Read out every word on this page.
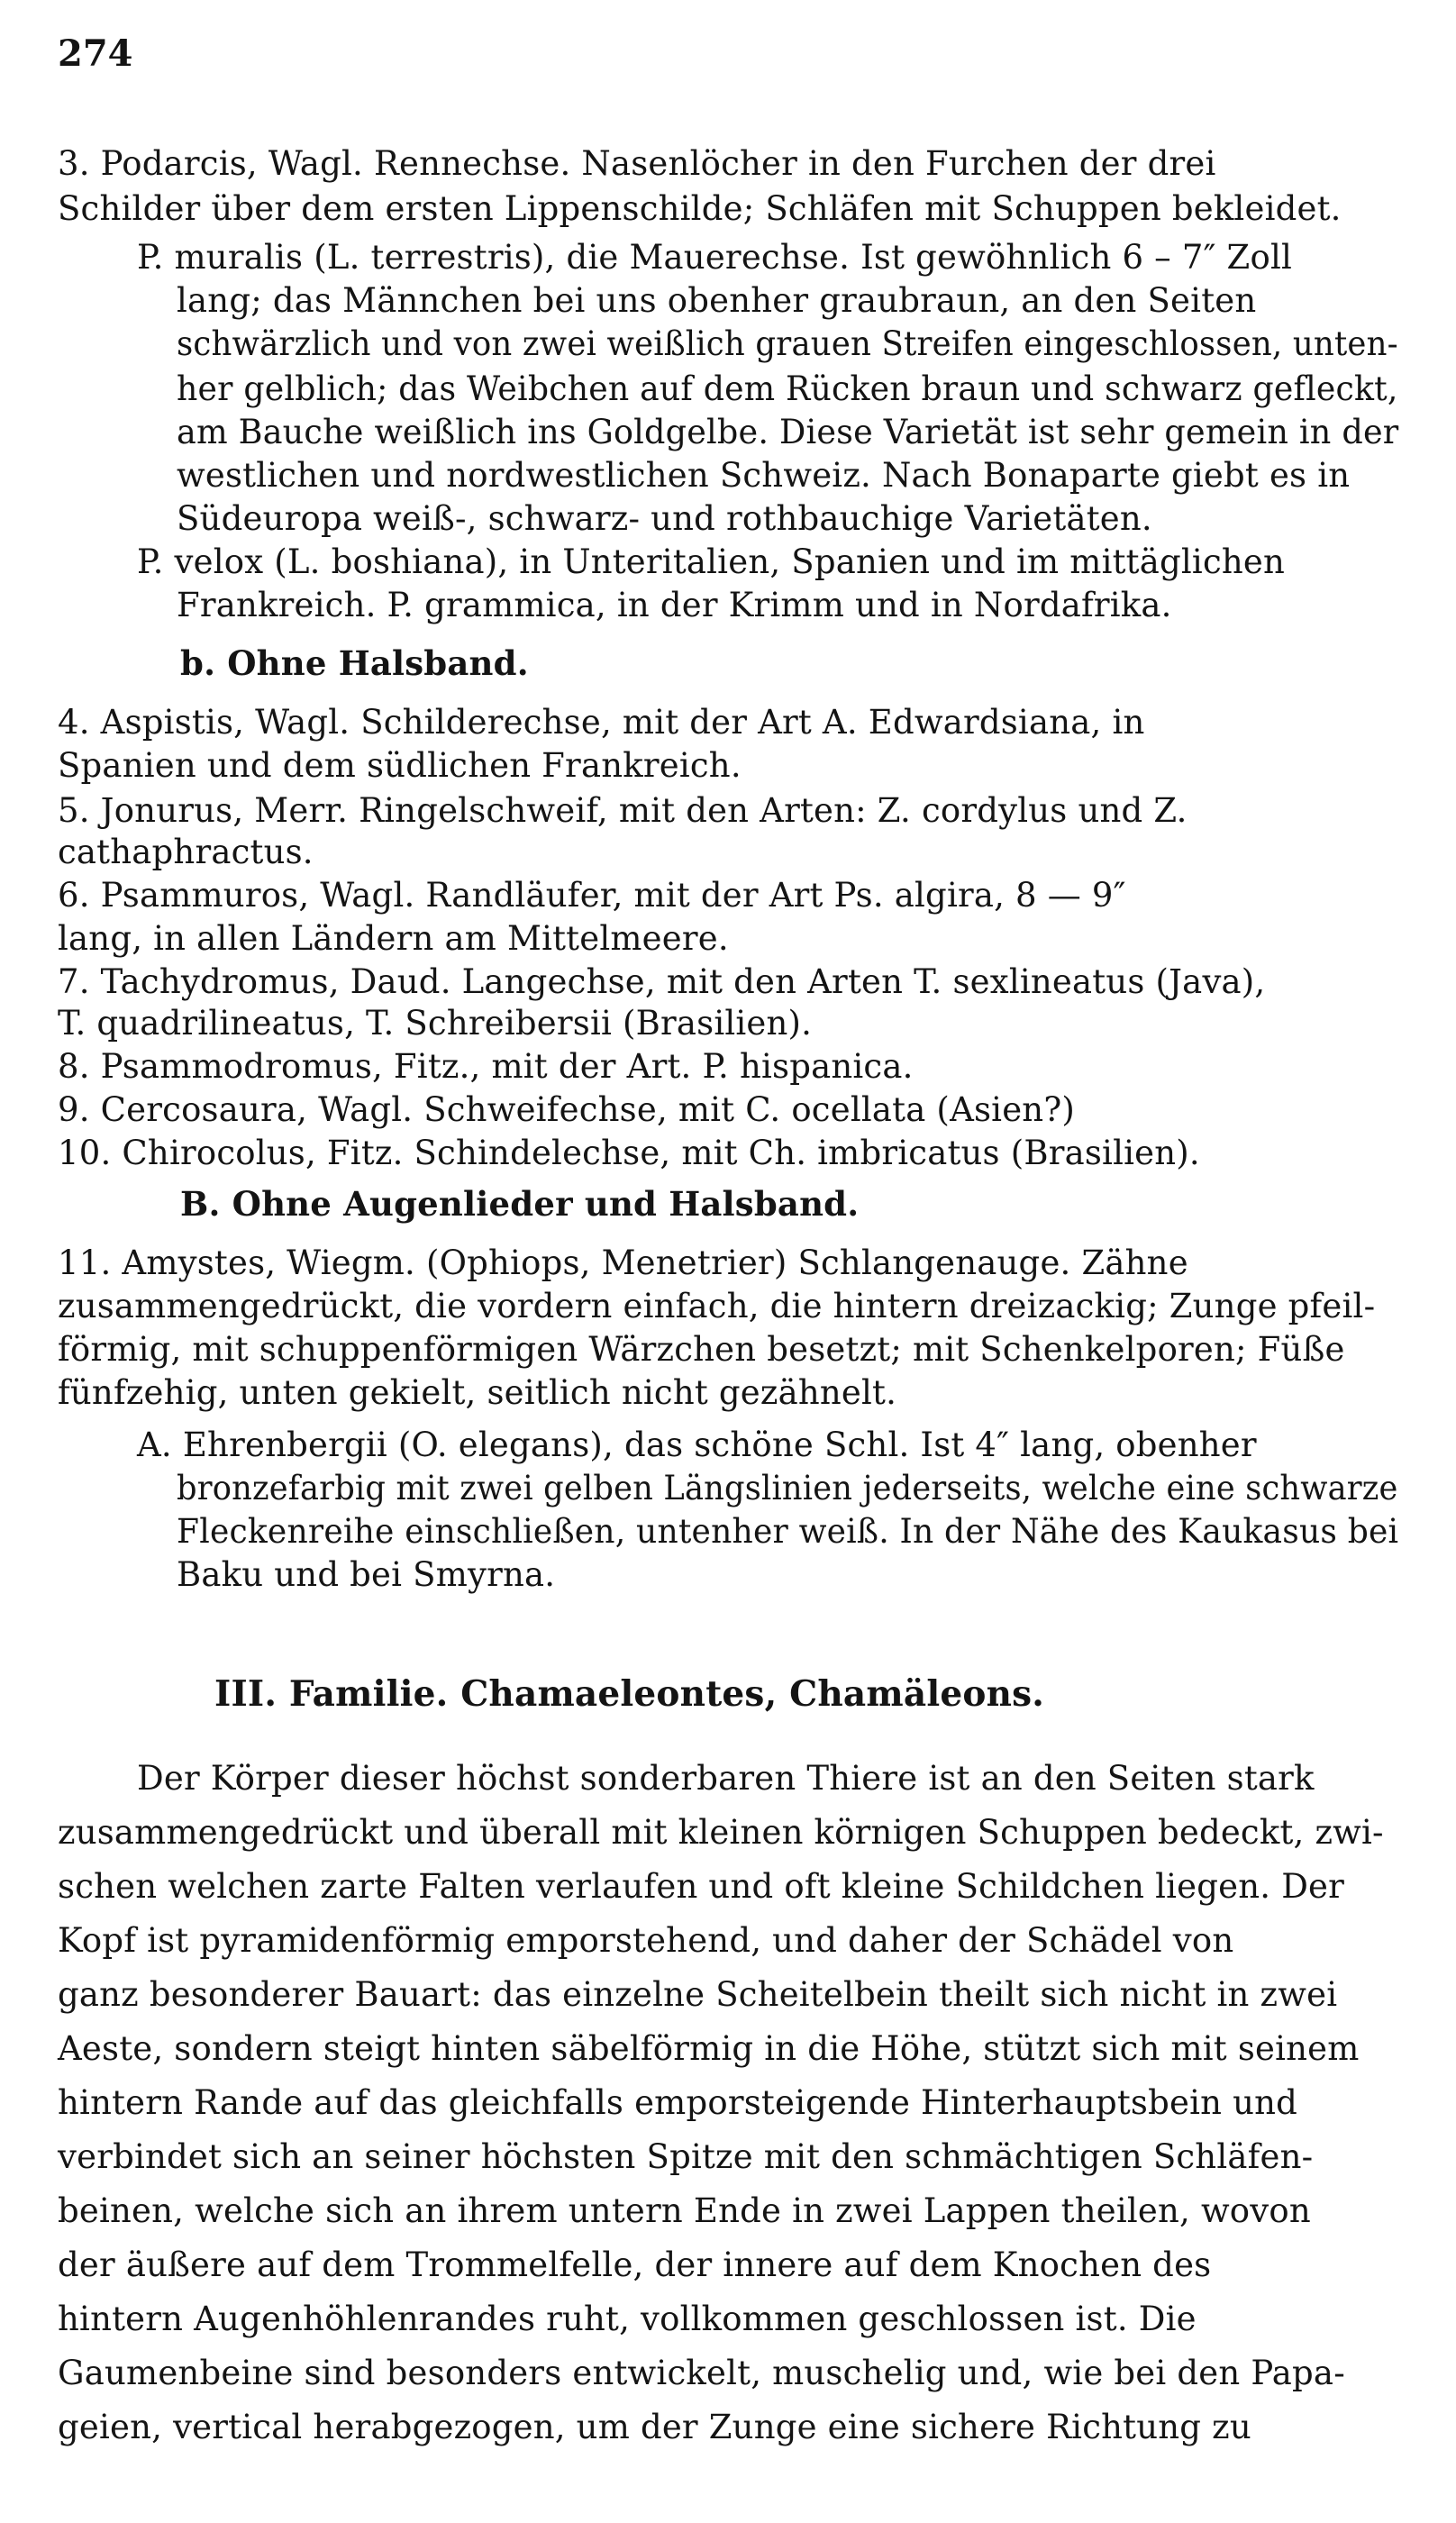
274
3. Podarcis, Wagl. Rennechse. Nasenlöcher in den Furchen der drei
Schilder über dem ersten Lippenschilde; Schläfen mit Schuppen bekleidet.
P. muralis (L. terrestris), die Mauerechse. Ist gewöhnlich 6 – 7″ Zoll
lang; das Männchen bei uns obenher graubraun, an den Seiten
schwärzlich und von zwei weißlich grauen Streifen eingeschlossen, unten-
her gelblich; das Weibchen auf dem Rücken braun und schwarz gefleckt,
am Bauche weißlich ins Goldgelbe. Diese Varietät ist sehr gemein in der
westlichen und nordwestlichen Schweiz. Nach Bonaparte giebt es in
Südeuropa weiß-, schwarz- und rothbauchige Varietäten.
P. velox (L. boshiana), in Unteritalien, Spanien und im mittäglichen
Frankreich. P. grammica, in der Krimm und in Nordafrika.
b. Ohne Halsband.
4. Aspistis, Wagl. Schilderechse, mit der Art A. Edwardsiana, in
Spanien und dem südlichen Frankreich.
5. Jonurus, Merr. Ringelschweif, mit den Arten: Z. cordylus und Z.
cathaphractus.
6. Psammuros, Wagl. Randläufer, mit der Art Ps. algira, 8 — 9″
lang, in allen Ländern am Mittelmeere.
7. Tachydromus, Daud. Langechse, mit den Arten T. sexlineatus (Java),
T. quadrilineatus, T. Schreibersii (Brasilien).
8. Psammodromus, Fitz., mit der Art. P. hispanica.
9. Cercosaura, Wagl. Schweifechse, mit C. ocellata (Asien?)
10. Chirocolus, Fitz. Schindelechse, mit Ch. imbricatus (Brasilien).
B. Ohne Augenlieder und Halsband.
11. Amystes, Wiegm. (Ophiops, Menetrier) Schlangenauge. Zähne
zusammengedrückt, die vordern einfach, die hintern dreizackig; Zunge pfeil-
förmig, mit schuppenförmigen Wärzchen besetzt; mit Schenkelporen; Füße
fünfzehig, unten gekielt, seitlich nicht gezähnelt.
A. Ehrenbergii (O. elegans), das schöne Schl. Ist 4″ lang, obenher
bronzefarbig mit zwei gelben Längslinien jederseits, welche eine schwarze
Fleckenreihe einschließen, untenher weiß. In der Nähe des Kaukasus bei
Baku und bei Smyrna.
III. Familie. Chamaeleontes, Chamäleons.
Der Körper dieser höchst sonderbaren Thiere ist an den Seiten stark
zusammengedrückt und überall mit kleinen körnigen Schuppen bedeckt, zwi-
schen welchen zarte Falten verlaufen und oft kleine Schildchen liegen. Der
Kopf ist pyramidenförmig emporstehend, und daher der Schädel von
ganz besonderer Bauart: das einzelne Scheitelbein theilt sich nicht in zwei
Aeste, sondern steigt hinten säbelförmig in die Höhe, stützt sich mit seinem
hintern Rande auf das gleichfalls emporsteigende Hinterhauptsbein und
verbindet sich an seiner höchsten Spitze mit den schmächtigen Schläfen-
beinen, welche sich an ihrem untern Ende in zwei Lappen theilen, wovon
der äußere auf dem Trommelfelle, der innere auf dem Knochen des
hintern Augenhöhlenrandes ruht, vollkommen geschlossen ist. Die
Gaumenbeine sind besonders entwickelt, muschelig und, wie bei den Papa-
geien, vertical herabgezogen, um der Zunge eine sichere Richtung zu
